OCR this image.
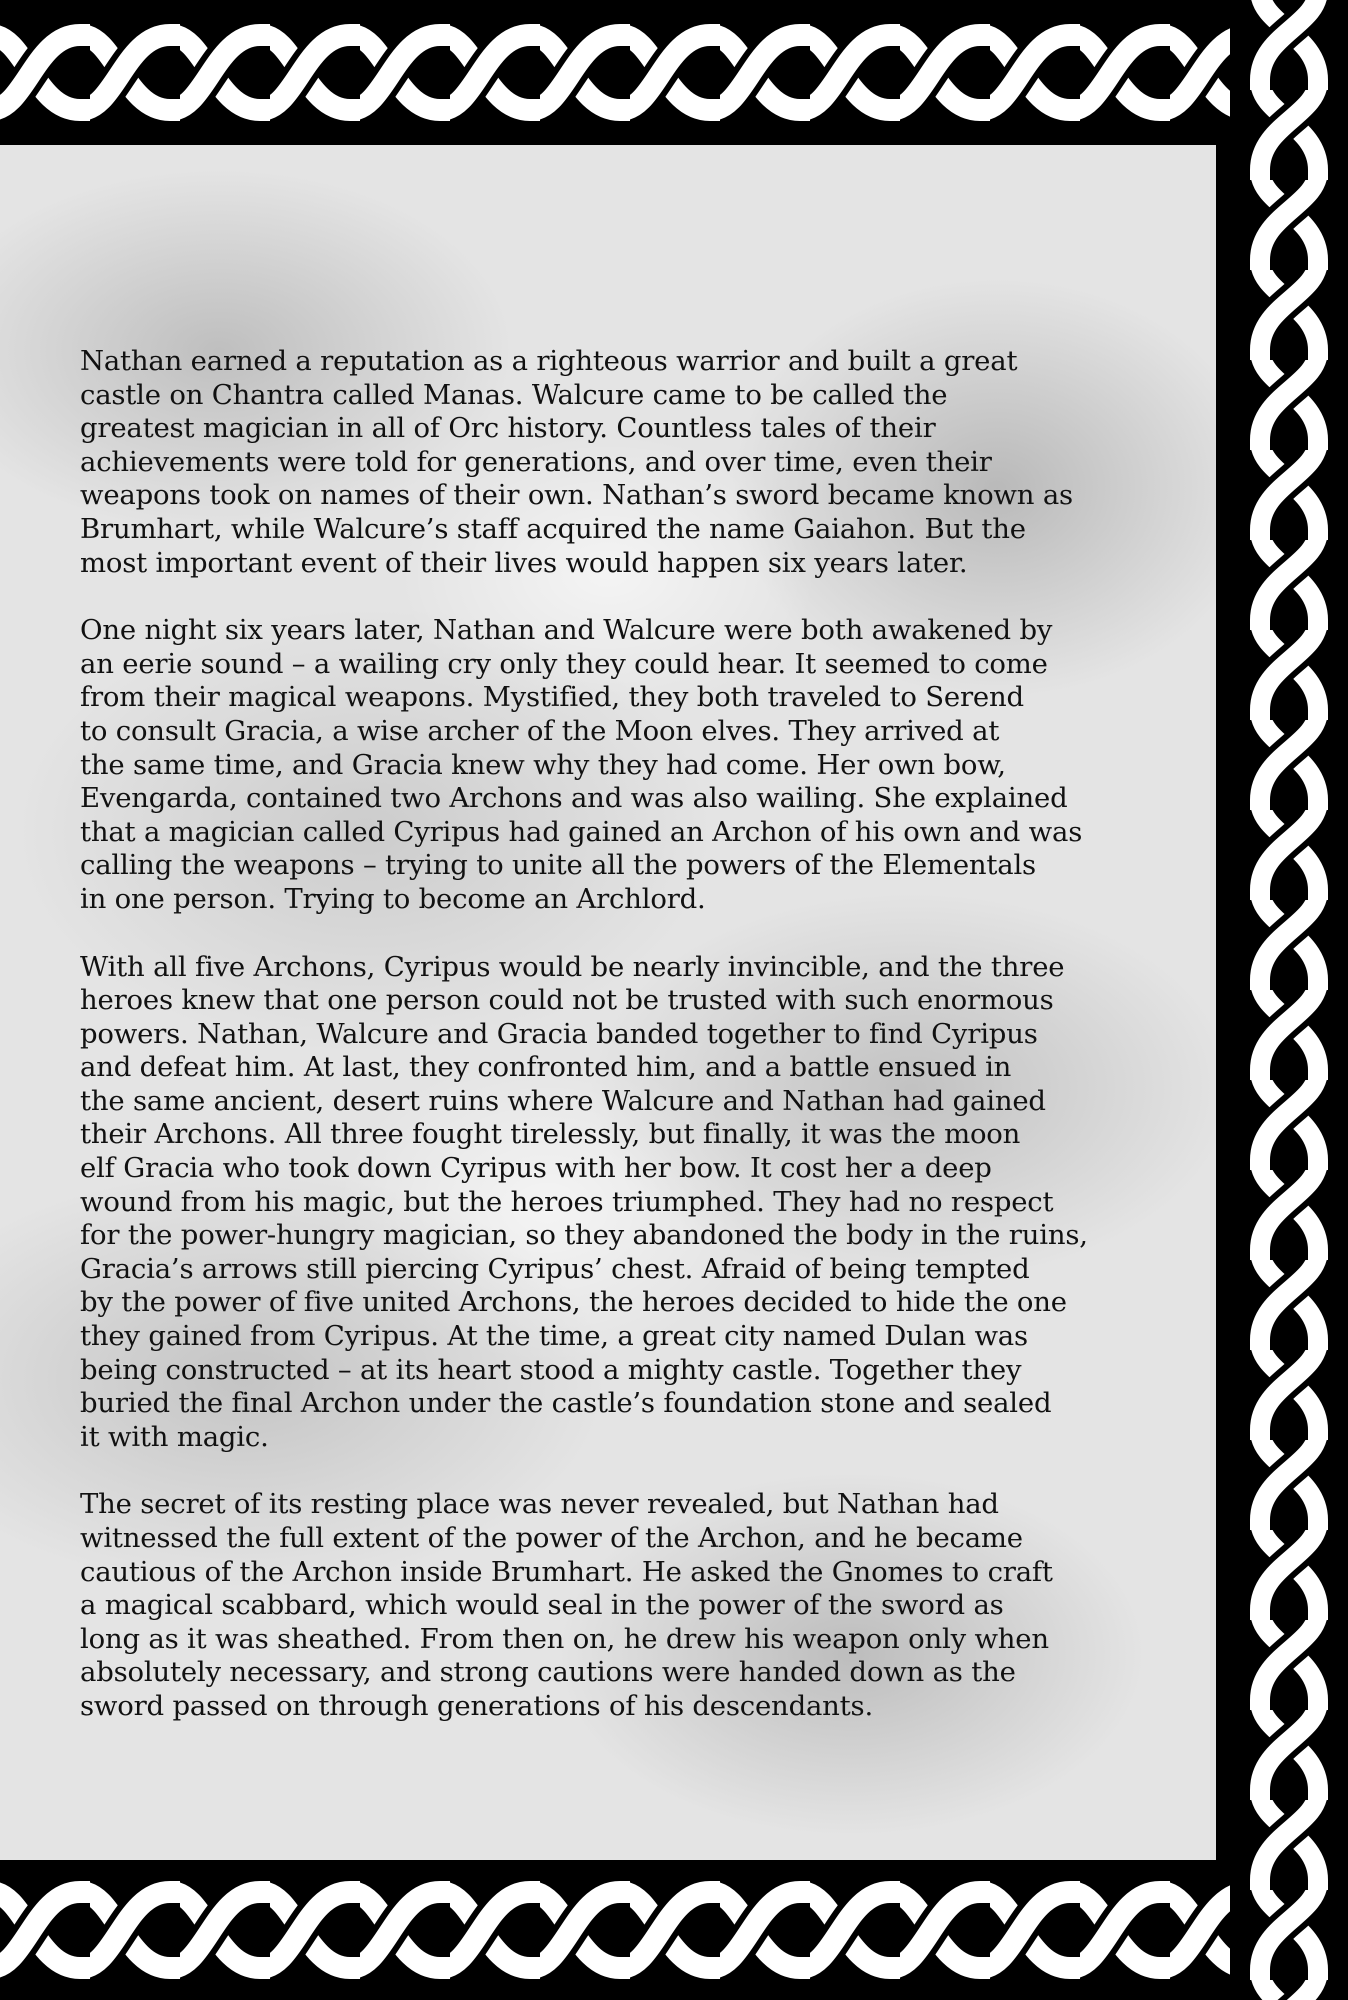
Nathan earned a reputation as a righteous warrior and built a great
castle on Chantra called Manas. Walcure came to be called the
greatest magician in all of Orc history. Countless tales of their
achievements were told for generations, and over time, even their
weapons took on names of their own. Nathan’s sword became known as
Brumhart, while Walcure’s staff acquired the name Gaiahon. But the
most important event of their lives would happen six years later.

One night six years later, Nathan and Walcure were both awakened by
an eerie sound – a wailing cry only they could hear. It seemed to come
from their magical weapons. Mystified, they both traveled to Serend
to consult Gracia, a wise archer of the Moon elves. They arrived at
the same time, and Gracia knew why they had come. Her own bow,
Evengarda, contained two Archons and was also wailing. She explained
that a magician called Cyripus had gained an Archon of his own and was
calling the weapons – trying to unite all the powers of the Elementals
in one person. Trying to become an Archlord.

With all five Archons, Cyripus would be nearly invincible, and the three
heroes knew that one person could not be trusted with such enormous
powers. Nathan, Walcure and Gracia banded together to find Cyripus
and defeat him. At last, they confronted him, and a battle ensued in
the same ancient, desert ruins where Walcure and Nathan had gained
their Archons. All three fought tirelessly, but finally, it was the moon
elf Gracia who took down Cyripus with her bow. It cost her a deep
wound from his magic, but the heroes triumphed. They had no respect
for the power-hungry magician, so they abandoned the body in the ruins,
Gracia’s arrows still piercing Cyripus’ chest. Afraid of being tempted
by the power of five united Archons, the heroes decided to hide the one
they gained from Cyripus. At the time, a great city named Dulan was
being constructed – at its heart stood a mighty castle. Together they
buried the final Archon under the castle’s foundation stone and sealed
it with magic.

The secret of its resting place was never revealed, but Nathan had
witnessed the full extent of the power of the Archon, and he became
cautious of the Archon inside Brumhart. He asked the Gnomes to craft
a magical scabbard, which would seal in the power of the sword as
long as it was sheathed. From then on, he drew his weapon only when
absolutely necessary, and strong cautions were handed down as the
sword passed on through generations of his descendants.
